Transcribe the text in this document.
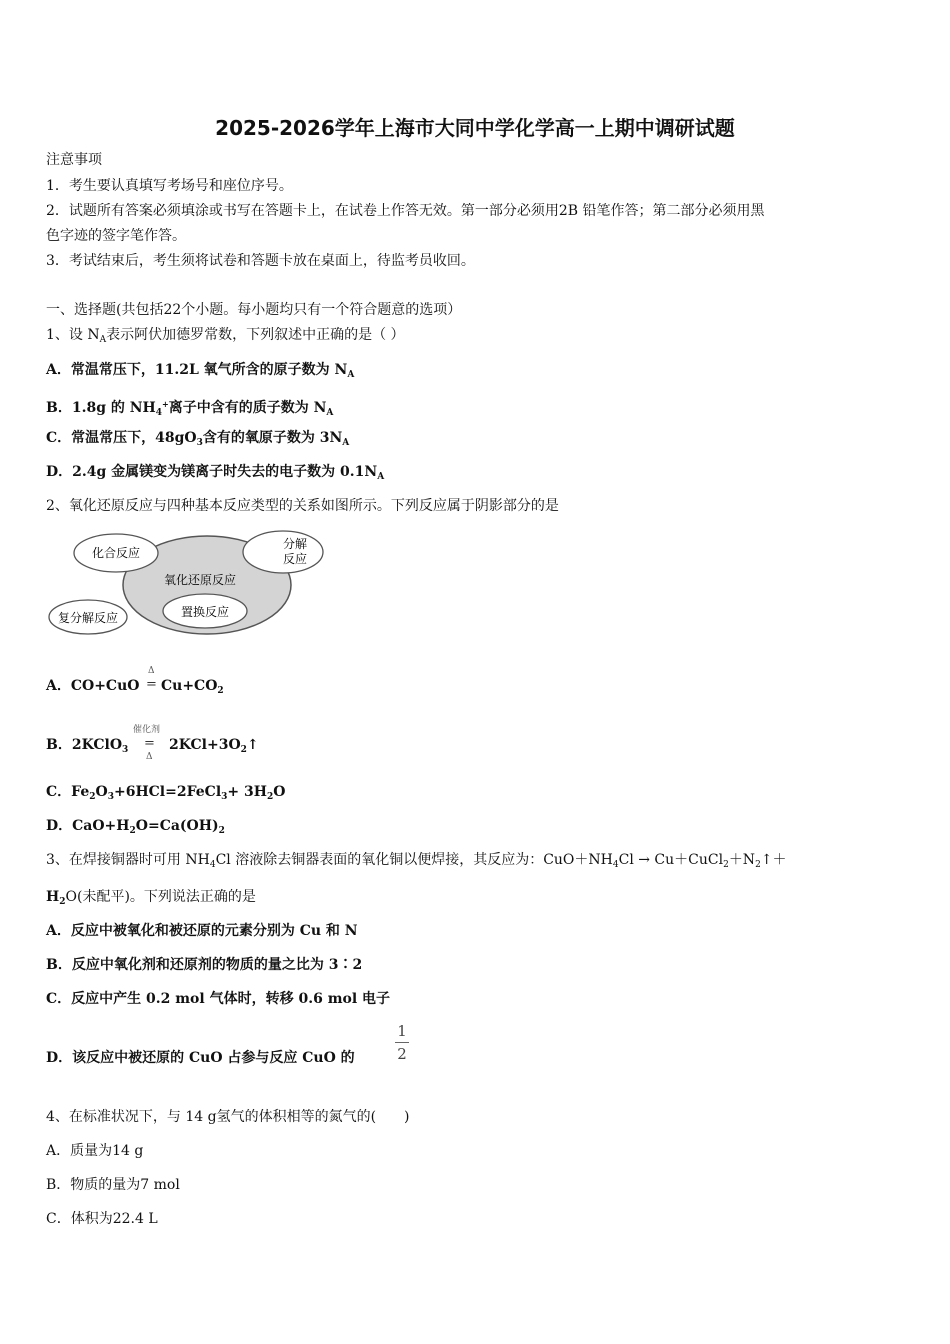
2025-2026学年上海市大同中学化学高一上期中调研试题
注意事项
1．考生要认真填写考场号和座位序号。
2．试题所有答案必须填涂或书写在答题卡上，在试卷上作答无效。第一部分必须用2B 铅笔作答；第二部分必须用黑
色字迹的签字笔作答。
3．考试结束后，考生须将试卷和答题卡放在桌面上，待监考员收回。
一、选择题(共包括22个小题。每小题均只有一个符合题意的选项）
1、设 $N_A$表示阿伏加德罗常数，下列叙述中正确的是（ ）
A．常温常压下，11.2L 氧气所含的原子数为 $N_A$
B．1.8g 的 $NH_4^+$离子中含有的质子数为 $N_A$
C．常温常压下，$48gO_3$含有的氧原子数为 $3N_A$
D．2.4g 金属镁变为镁离子时失去的电子数为 $0.1N_A$
2、氧化还原反应与四种基本反应类型的关系如图所示。下列反应属于阴影部分的是
化合反应
分解
反应
氧化还原反应
置换反应
复分解反应
A．CO+CuO
Δ
= $Cu+CO_2$
B．2KClO$_3$
催化剂
=
Δ
$2KCl+3O_2↑$
C．$Fe_2O_3+6HCl=2FeCl_3+ 3H_2O$
D．$CaO+H_2O=Ca(OH)_2$
3、在焊接铜器时可用 $NH_4Cl$ 溶液除去铜器表面的氧化铜以便焊接，其反应为：$CuO+NH_4Cl$ → $Cu+CuCl_2+N_2↑+$
$H_2O$(未配平)。下列说法正确的是
A．反应中被氧化和被还原的元素分别为 Cu 和 N
B．反应中氧化剂和还原剂的物质的量之比为 3∶2
C．反应中产生 0.2 mol 气体时，转移 0.6 mol 电子
D．该反应中被还原的 CuO 占参与反应 CuO 的
1
2
4、在标准状况下，与 14 g氢气的体积相等的氮气的(　　)
A．质量为14 g
B．物质的量为7 mol
C．体积为22.4 L
